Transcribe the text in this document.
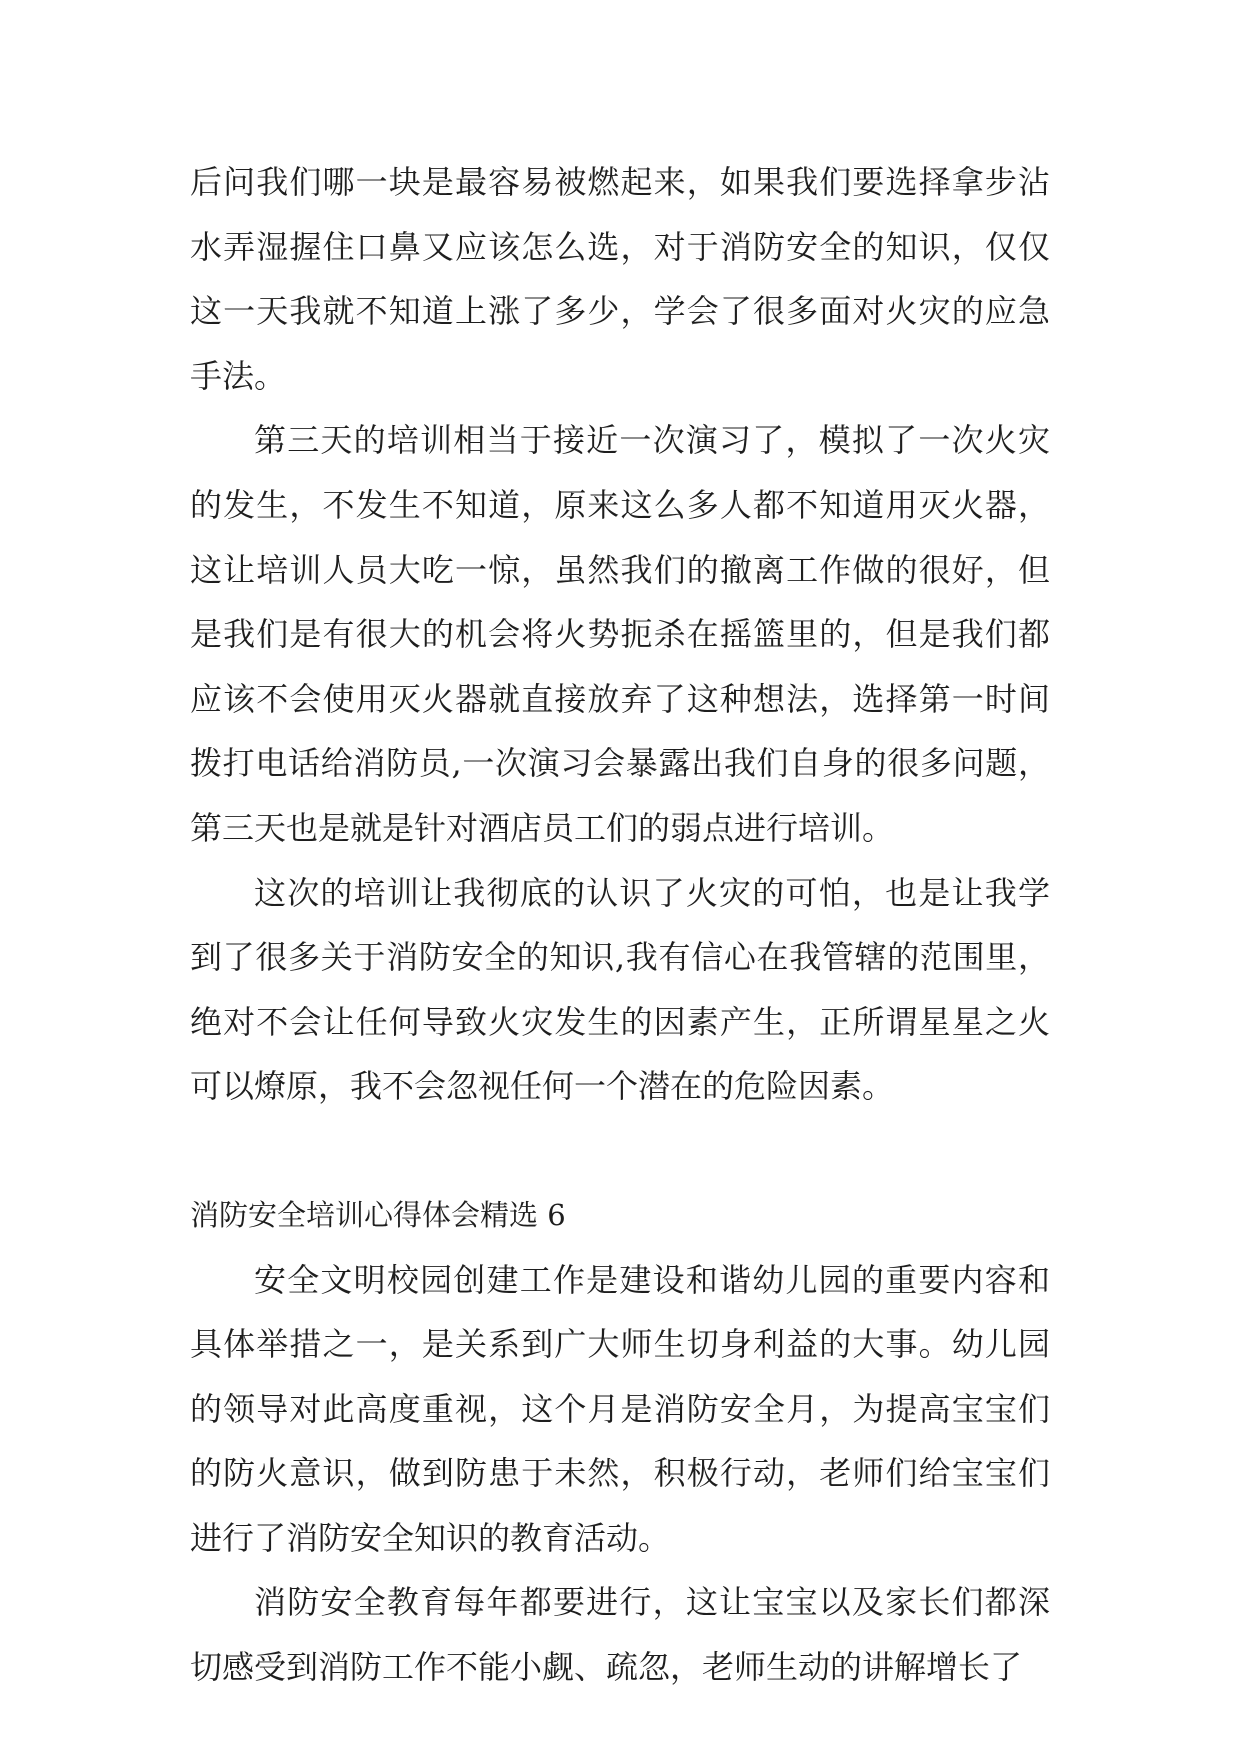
后问我们哪一块是最容易被燃起来，如果我们要选择拿步沾水弄湿握住口鼻又应该怎么选，对于消防安全的知识，仅仅这一天我就不知道上涨了多少，学会了很多面对火灾的应急手法。

第三天的培训相当于接近一次演习了，模拟了一次火灾的发生，不发生不知道，原来这么多人都不知道用灭火器，这让培训人员大吃一惊，虽然我们的撤离工作做的很好，但是我们是有很大的机会将火势扼杀在摇篮里的，但是我们都应该不会使用灭火器就直接放弃了这种想法，选择第一时间拨打电话给消防员,一次演习会暴露出我们自身的很多问题，第三天也是就是针对酒店员工们的弱点进行培训。

这次的培训让我彻底的认识了火灾的可怕，也是让我学到了很多关于消防安全的知识,我有信心在我管辖的范围里，绝对不会让任何导致火灾发生的因素产生，正所谓星星之火可以燎原，我不会忽视任何一个潜在的危险因素。

消防安全培训心得体会精选 6

安全文明校园创建工作是建设和谐幼儿园的重要内容和具体举措之一，是关系到广大师生切身利益的大事。幼儿园的领导对此高度重视，这个月是消防安全月，为提高宝宝们的防火意识，做到防患于未然，积极行动，老师们给宝宝们进行了消防安全知识的教育活动。

消防安全教育每年都要进行，这让宝宝以及家长们都深切感受到消防工作不能小觑、疏忽，老师生动的讲解增长了
